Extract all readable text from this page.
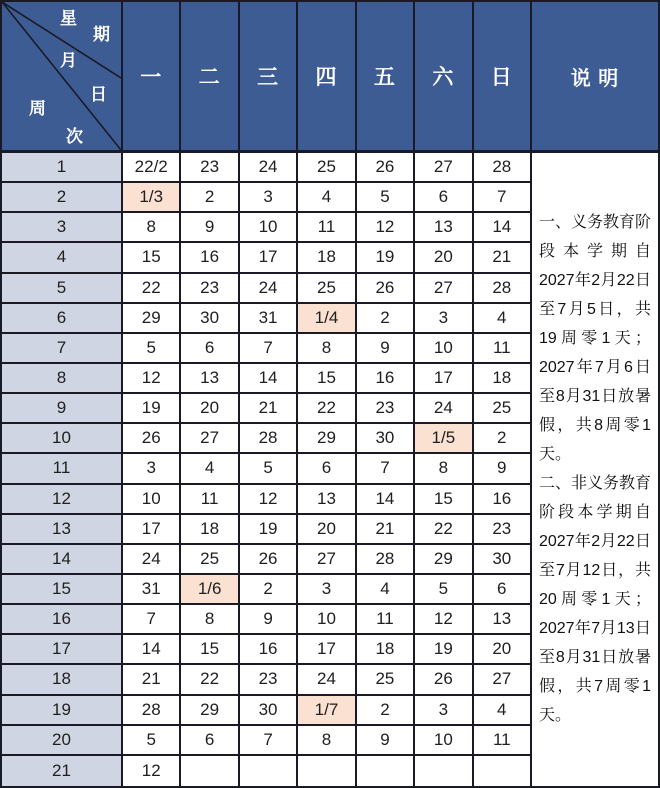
星
期
月
日
周
次
说 明

一、义务教育阶段本学期自2027年2月22日至7月5日，共19周零1天；2027年7月6日至8月31日放暑假，共8周零1天。

二、非义务教育阶段本学期自2027年2月22日至7月12日，共20周零1天；2027年7月13日至8月31日放暑假，共7周零1天。

一	二	三	四	五	六	日
1	22/2	23	24	25	26	27	28
2	1/3	2	3	4	5	6	7
3	8	9	10	11	12	13	14
4	15	16	17	18	19	20	21
5	22	23	24	25	26	27	28
6	29	30	31	1/4	2	3	4
7	5	6	7	8	9	10	11
8	12	13	14	15	16	17	18
9	19	20	21	22	23	24	25
10	26	27	28	29	30	1/5	2
11	3	4	5	6	7	8	9
12	10	11	12	13	14	15	16
13	17	18	19	20	21	22	23
14	24	25	26	27	28	29	30
15	31	1/6	2	3	4	5	6
16	7	8	9	10	11	12	13
17	14	15	16	17	18	19	20
18	21	22	23	24	25	26	27
19	28	29	30	1/7	2	3	4
20	5	6	7	8	9	10	11
21	12
